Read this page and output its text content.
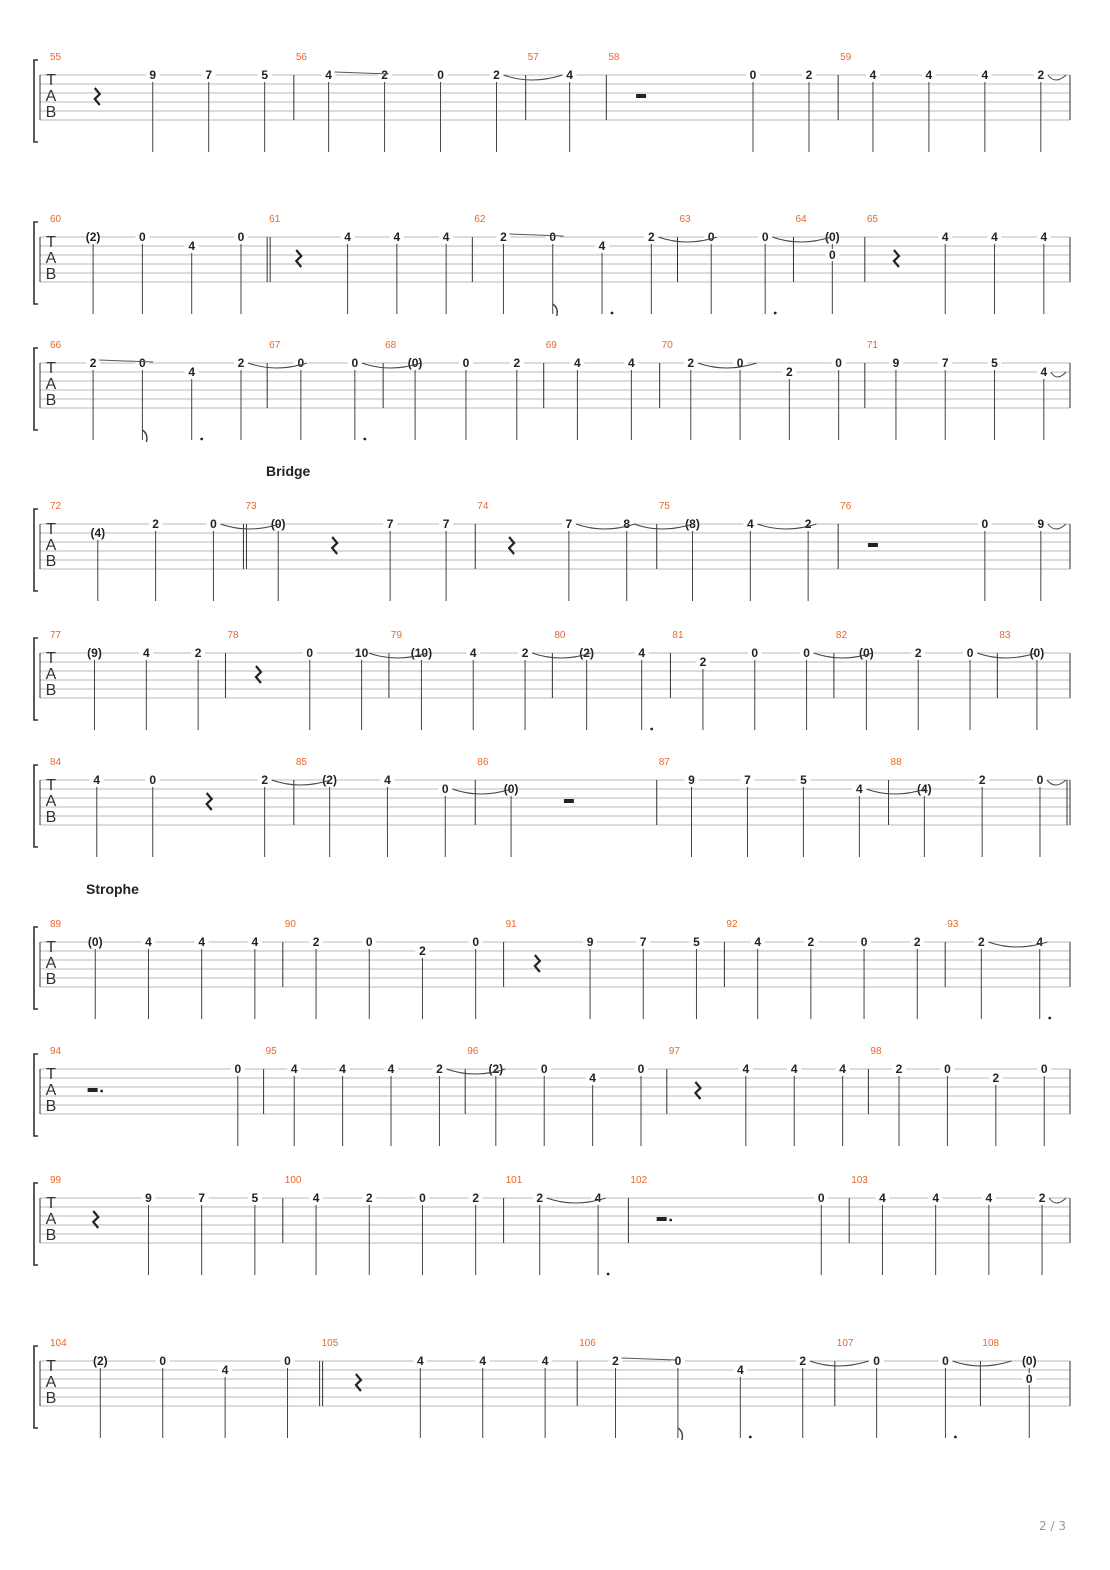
T
A
B
55
9	7	5
56
4	2	0	2
57
4
58
0	2
59
4	4	4	2
T
A
B
60
(2)	0
4
0
61
4	4	4
62
2	0
4
2
63
0	0
64
(0)
0
65
4	4	4
T
A
B
66
2	0
4
2
67
0	0
68
(0)	0	2
69
4	4
70
2	0
2
0
71
9	7	5
4
T
A
B
Bridge
72
(4)
2	0
73
(0)	7	7
74
7	8
75
(8)	4	2
76
0	9
T
A
B
77
(9)	4	2
78
0	10
79
(10)	4	2
80
(2)	4
81
2
0	0
82
(0)	2	0
83
(0)
T
A
B
84
4	0	2
85
(2)	4
0
86
(0)
87
9	7	5
4
88
(4)
2	0
T
A
B
Strophe
89
(0)	4	4	4
90
2	0
2
0
91
9	7	5
92
4	2	0	2
93
2	4
T
A
B
94
0
95
4	4	4	2
96
(2)	0
4
0
97
4	4	4
98
2	0
2
0
T
A
B
99
9	7	5
100
4	2	0	2
101
2	4
102
0
103
4	4	4	2
T
A
B
104
(2)	0
4
0
105
4	4	4
106
2	0
4
2
107
0	0
108
(0)
0
2 / 3
